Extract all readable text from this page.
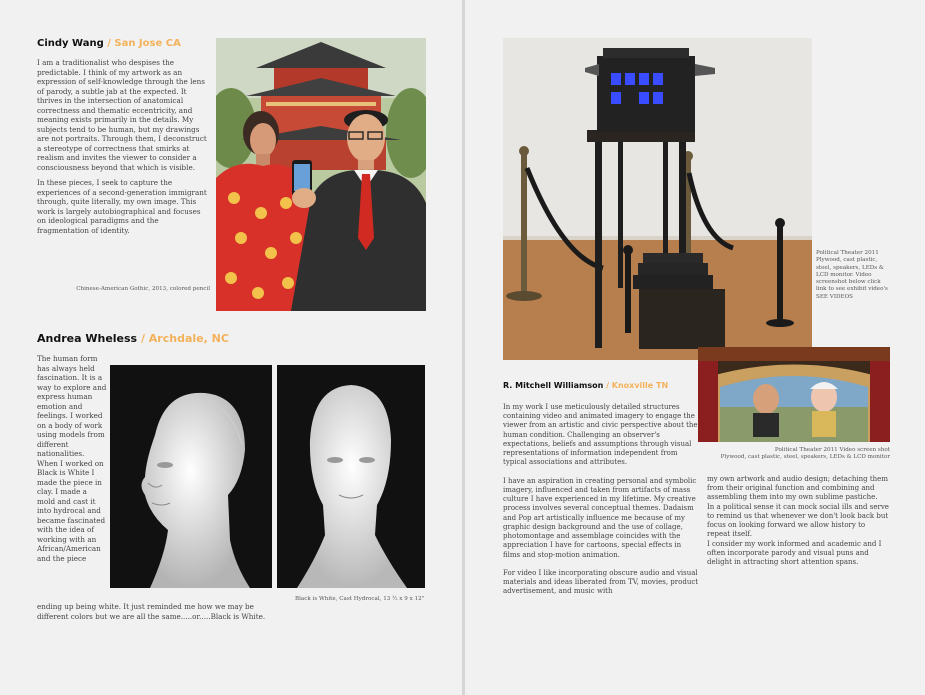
Cindy Wang / San Jose CA

I am a traditionalist who despises the predictable. I think of my artwork as an expression of self-knowledge through the lens of parody, a subtle jab at the expected. It thrives in the intersection of anatomical correctness and thematic eccentricity, and meaning exists primarily in the details. My subjects tend to be human, but my drawings are not portraits. Through them, I deconstruct a stereotype of correctness that smirks at realism and invites the viewer to consider a consciousness beyond that which is visible.

In these pieces, I seek to capture the experiences of a second-generation immigrant through, quite literally, my own image. This work is largely autobiographical and focuses on ideological paradigms and the fragmentation of identity.

Chinese-American Gothic, 2013, colored pencil
Andrea Wheless / Archdale, NC

The human form has always held fascination. It is a way to explore and express human emotion and feelings. I worked on a body of work using models from different nationalities. When I worked on Black is White I made the piece in clay. I made a mold and cast it into hydrocal and became fascinated with the idea of working with an African/American and the piece

ending up being white. It just reminded me how we may be different colors but we are all the same.....or.....Black is White.

Black is White, Cast Hydrocal, 13 ½ x 9 x 12"
Political Theater 2011 Plywood, cast plastic, steel, speakers, LEDs & LCD monitor. Video screenshot below click link to see exhibit video's
SEE VIDEOS
Political Theater 2011 Video screen shot
Plywood, cast plastic, steel, speakers, LEDs & LCD monitor
R. Mitchell Williamson / Knoxville TN

In my work I use meticulously detailed structures containing video and animated imagery to engage the viewer from an artistic and civic perspective about the human condition. Challenging an observer's expectations, beliefs and assumptions through visual representations of information independent from typical associations and attributes.

I have an aspiration in creating personal and symbolic imagery, influenced and taken from artifacts of mass culture I have experienced in my lifetime. My creative process involves several conceptual themes. Dadaism and Pop art artistically influence me because of my graphic design background and the use of collage, photomontage and assemblage coincides with the appreciation I have for cartoons, special effects in films and stop-motion animation.

For video I like incorporating obscure audio and visual materials and ideas liberated from TV, movies, product advertisement, and music with

my own artwork and audio design; detaching them from their original function and combining and assembling them into my own sublime pastiche.

In a political sense it can mock social ills and serve to remind us that whenever we don't look back but focus on looking forward we allow history to repeat itself.

I consider my work informed and academic and I often incorporate parody and visual puns and delight in attracting short attention spans.
